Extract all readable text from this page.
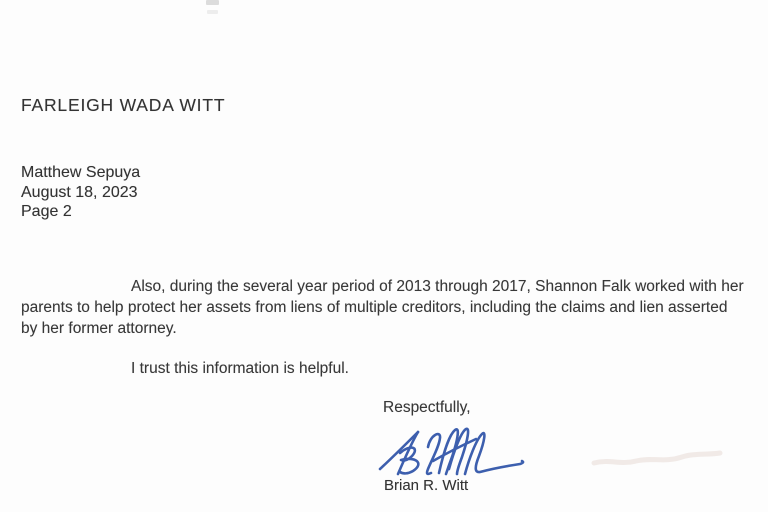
FARLEIGH WADA WITT
Matthew Sepuya
August 18, 2023
Page 2
Also, during the several year period of 2013 through 2017, Shannon Falk worked with her
parents to help protect her assets from liens of multiple creditors, including the claims and lien asserted
by her former attorney.
I trust this information is helpful.
Respectfully,
Brian R. Witt
